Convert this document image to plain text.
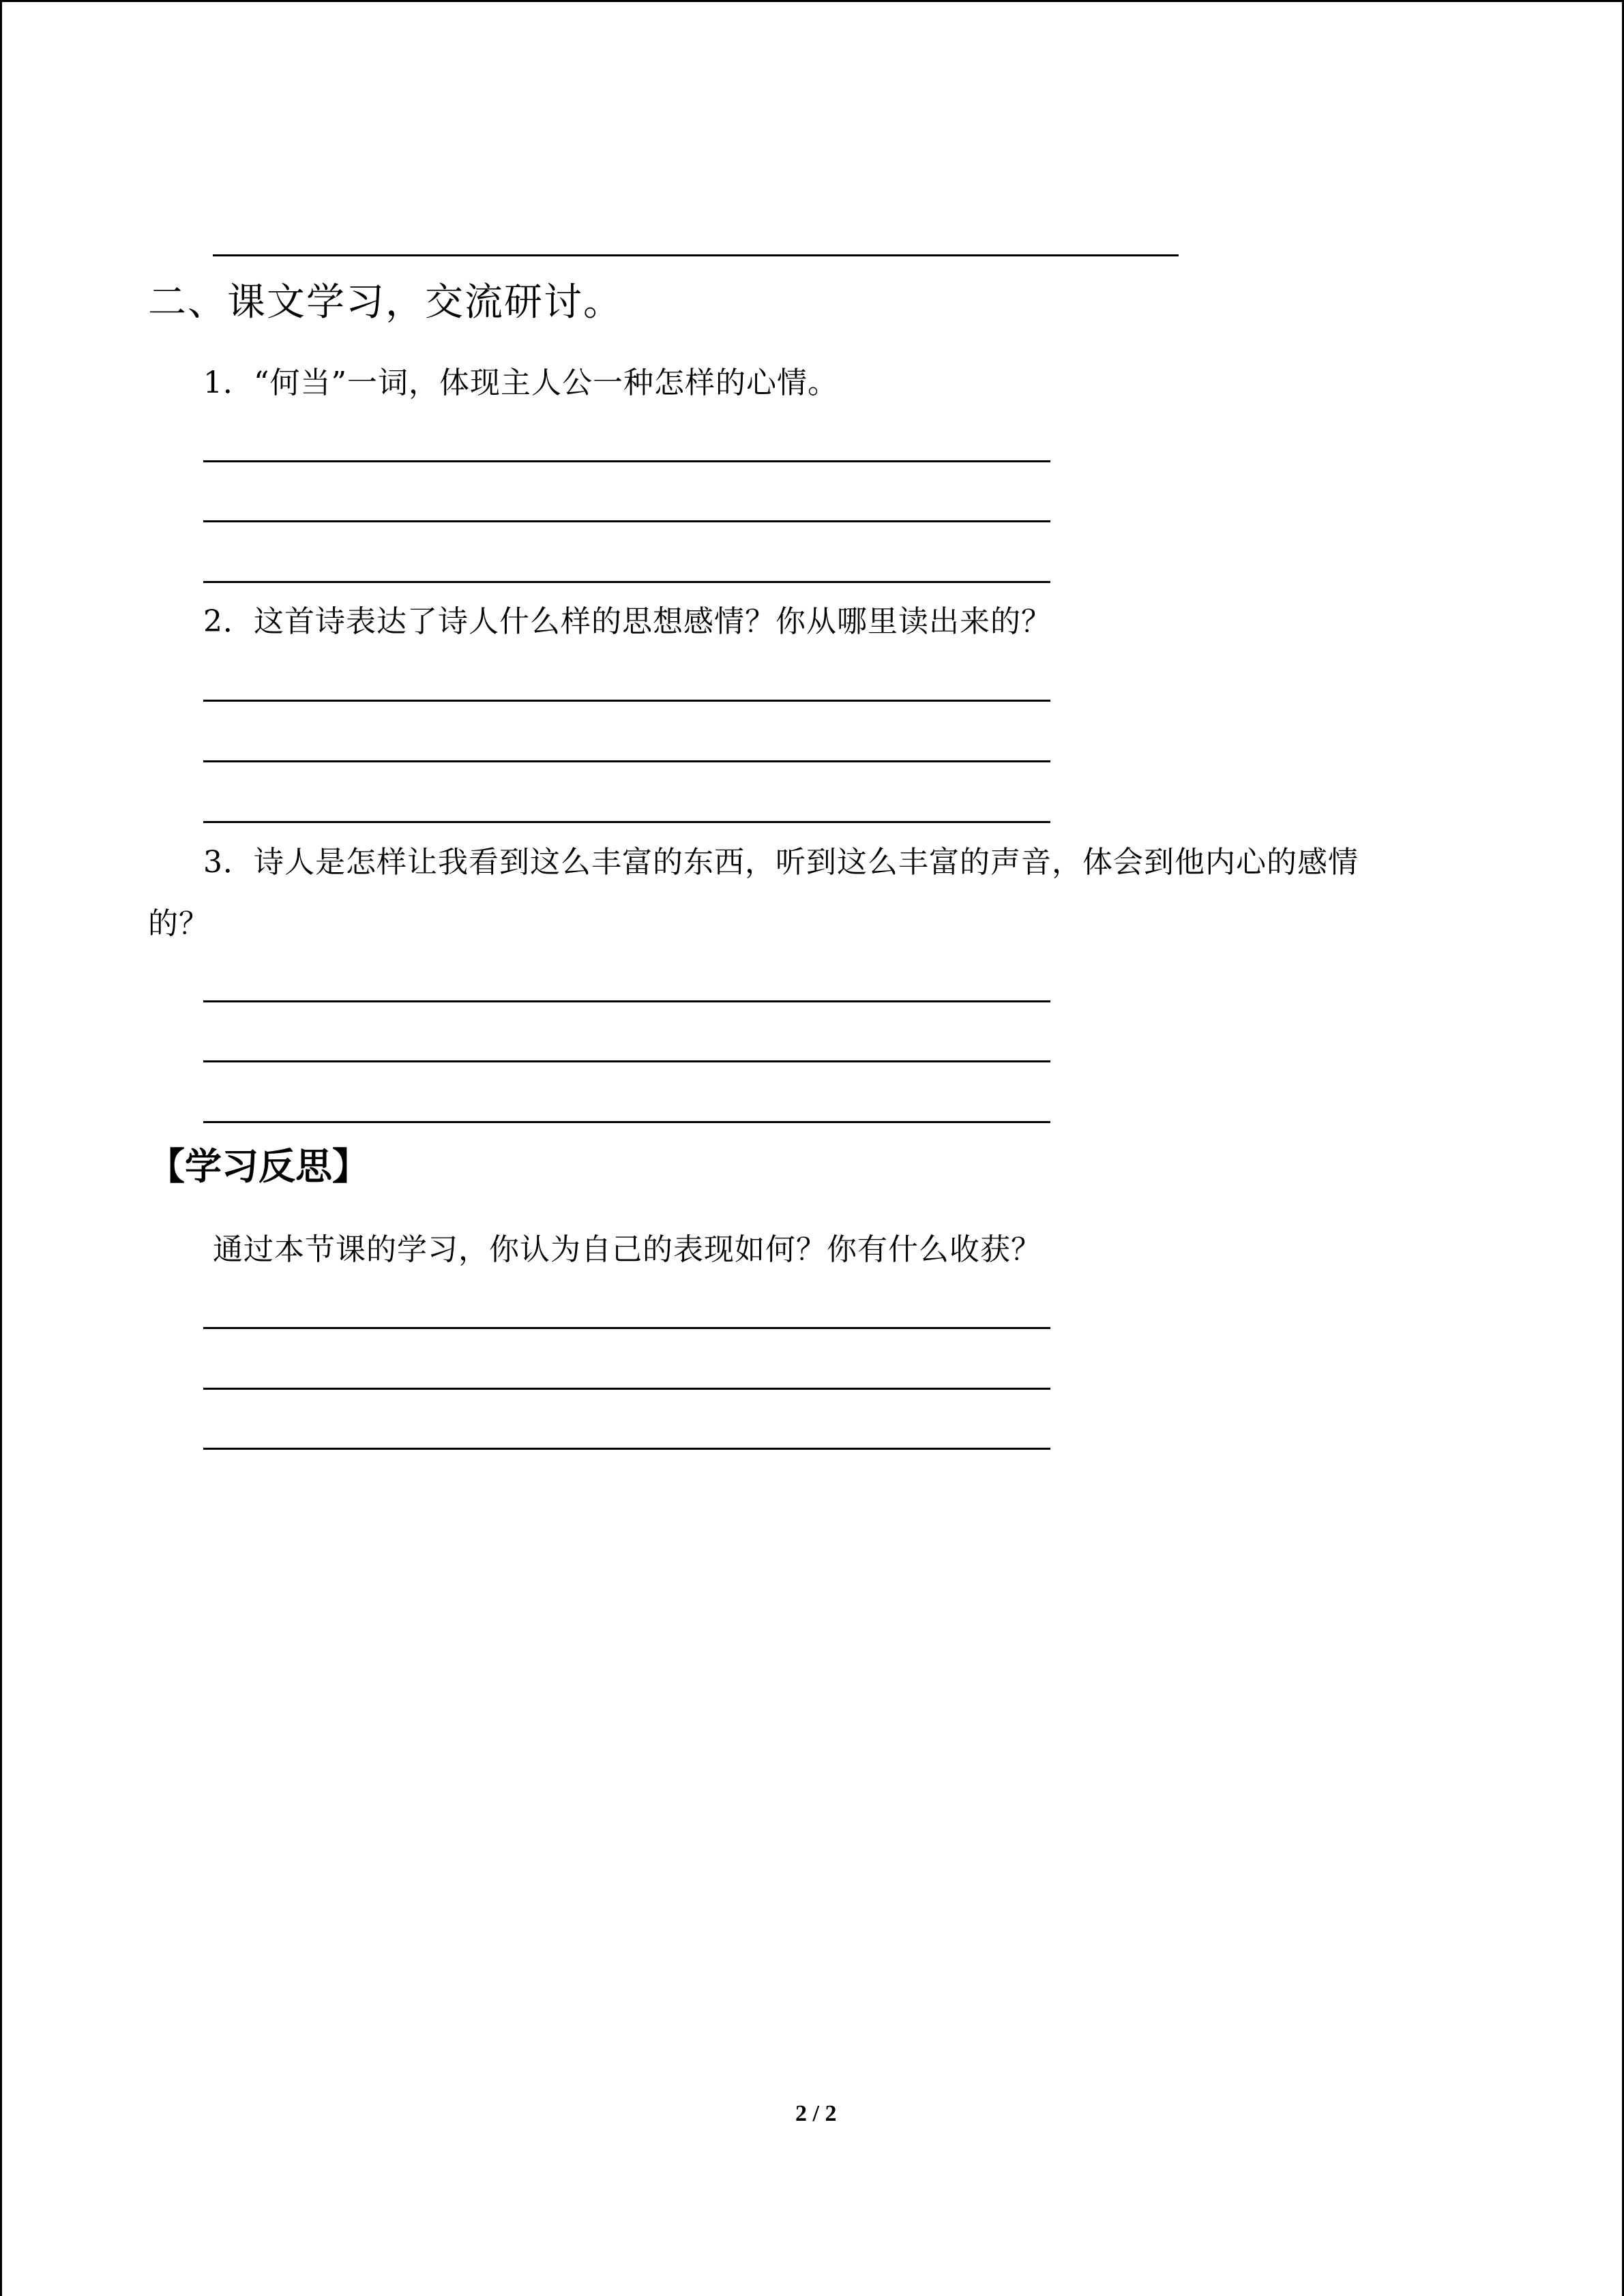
二、课文学习，交流研讨。
1．“何当”一词，体现主人公一种怎样的心情。
2．这首诗表达了诗人什么样的思想感情？你从哪里读出来的？
3．诗人是怎样让我看到这么丰富的东西，听到这么丰富的声音，体会到他内心的感情
的？
【学习反思】
通过本节课的学习，你认为自己的表现如何？你有什么收获？
2 / 2
